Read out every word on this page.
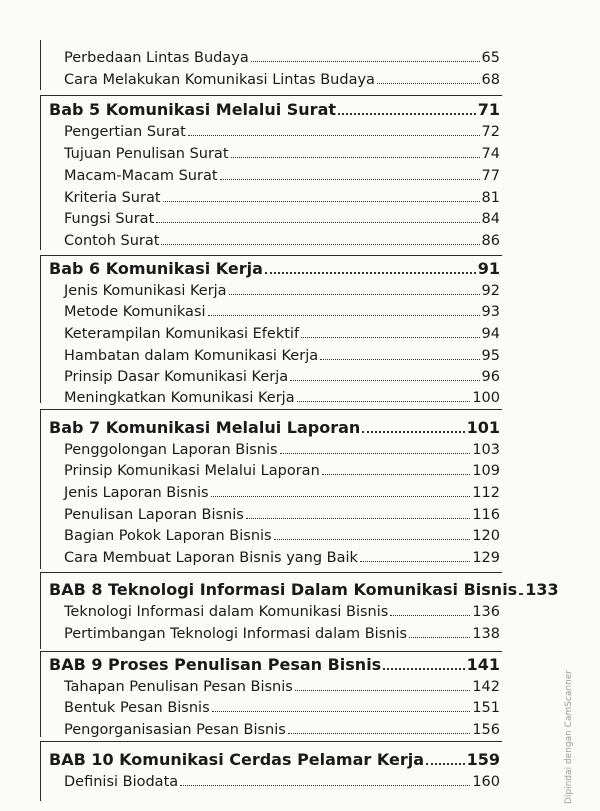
Perbedaan Lintas Budaya	65
Cara Melakukan Komunikasi Lintas Budaya	68
Bab 5 Komunikasi Melalui Surat	71
Pengertian Surat	72
Tujuan Penulisan Surat	74
Macam-Macam Surat	77
Kriteria Surat	81
Fungsi Surat	84
Contoh Surat	86
Bab 6 Komunikasi Kerja	91
Jenis Komunikasi Kerja	92
Metode Komunikasi	93
Keterampilan Komunikasi Efektif	94
Hambatan dalam Komunikasi Kerja	95
Prinsip Dasar Komunikasi Kerja	96
Meningkatkan Komunikasi Kerja	100
Bab 7 Komunikasi Melalui Laporan	101
Penggolongan Laporan Bisnis	103
Prinsip Komunikasi Melalui Laporan	109
Jenis Laporan Bisnis	112
Penulisan Laporan Bisnis	116
Bagian Pokok Laporan Bisnis	120
Cara Membuat Laporan Bisnis yang Baik	129
BAB 8 Teknologi Informasi Dalam Komunikasi Bisnis 133
Teknologi Informasi dalam Komunikasi Bisnis	136
Pertimbangan Teknologi Informasi dalam Bisnis	138
BAB 9 Proses Penulisan Pesan Bisnis	141
Tahapan Penulisan Pesan Bisnis	142
Bentuk Pesan Bisnis	151
Pengorganisasian Pesan Bisnis	156
BAB 10 Komunikasi Cerdas Pelamar Kerja	159
Definisi Biodata	160	Dipindai dengan CamScanner
